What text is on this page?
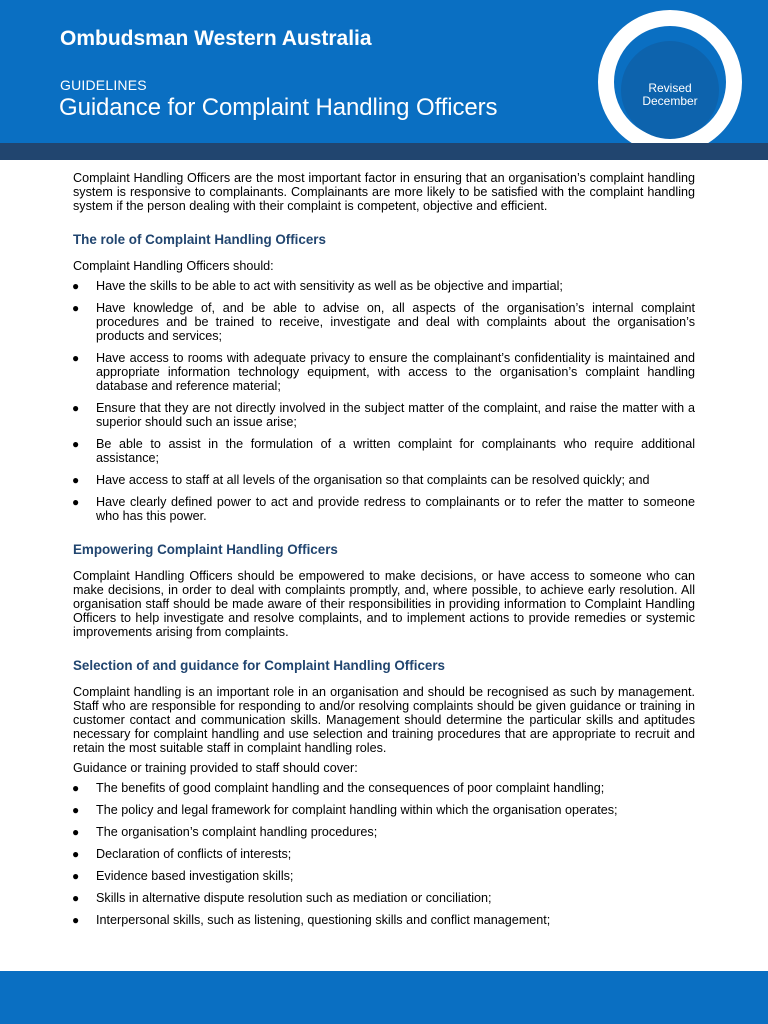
Ombudsman Western Australia
GUIDELINES
Guidance for Complaint Handling Officers
Revised
December

Complaint Handling Officers are the most important factor in ensuring that an organisation’s complaint handling system is responsive to complainants. Complainants are more likely to be satisfied with the complaint handling system if the person dealing with their complaint is competent, objective and efficient.

The role of Complaint Handling Officers

Complaint Handling Officers should:

● Have the skills to be able to act with sensitivity as well as be objective and impartial;
● Have knowledge of, and be able to advise on, all aspects of the organisation’s internal complaint procedures and be trained to receive, investigate and deal with complaints about the organisation’s products and services;
● Have access to rooms with adequate privacy to ensure the complainant’s confidentiality is maintained and appropriate information technology equipment, with access to the organisation’s complaint handling database and reference material;
● Ensure that they are not directly involved in the subject matter of the complaint, and raise the matter with a superior should such an issue arise;
● Be able to assist in the formulation of a written complaint for complainants who require additional assistance;
● Have access to staff at all levels of the organisation so that complaints can be resolved quickly; and
● Have clearly defined power to act and provide redress to complainants or to refer the matter to someone who has this power.
Empowering Complaint Handling Officers

Complaint Handling Officers should be empowered to make decisions, or have access to someone who can make decisions, in order to deal with complaints promptly, and, where possible, to achieve early resolution. All organisation staff should be made aware of their responsibilities in providing information to Complaint Handling Officers to help investigate and resolve complaints, and to implement actions to provide remedies or systemic improvements arising from complaints.

Selection of and guidance for Complaint Handling Officers

Complaint handling is an important role in an organisation and should be recognised as such by management. Staff who are responsible for responding to and/or resolving complaints should be given guidance or training in customer contact and communication skills. Management should determine the particular skills and aptitudes necessary for complaint handling and use selection and training procedures that are appropriate to recruit and retain the most suitable staff in complaint handling roles.

Guidance or training provided to staff should cover:

● The benefits of good complaint handling and the consequences of poor complaint handling;
● The policy and legal framework for complaint handling within which the organisation operates;
● The organisation’s complaint handling procedures;
● Declaration of conflicts of interests;
● Evidence based investigation skills;
● Skills in alternative dispute resolution such as mediation or conciliation;
● Interpersonal skills, such as listening, questioning skills and conflict management;
